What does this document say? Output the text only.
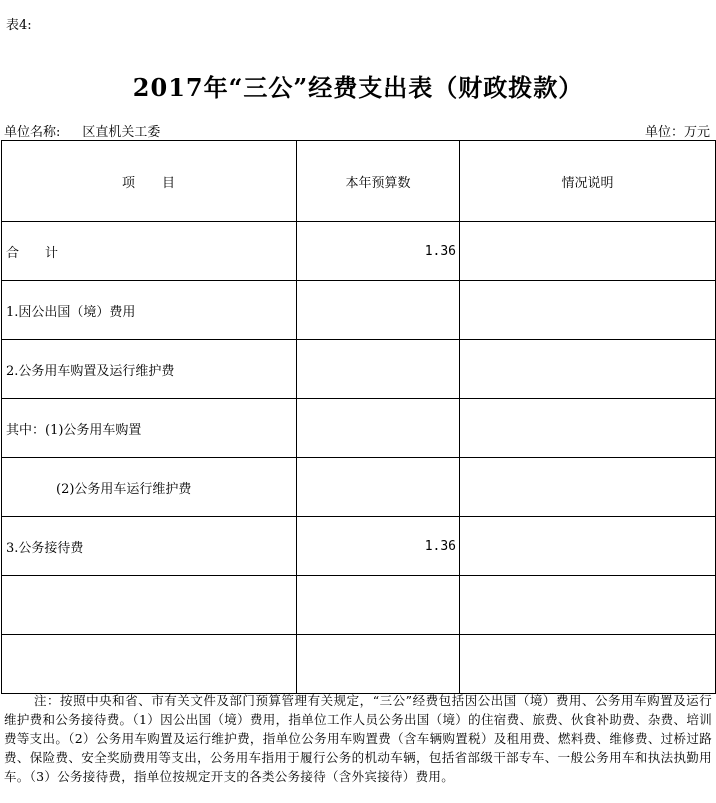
表4:
2017年“三公”经费支出表（财政拨款）
单位名称: 区直机关工委	单位：万元
项 目	本年预算数	情况说明
合　　计	1.36	
1.因公出国（境）费用		
2.公务用车购置及运行维护费		
其中：(1)公务用车购置		
(2)公务用车运行维护费		
3.公务接待费	1.36	

注：按照中央和省、市有关文件及部门预算管理有关规定，“三公”经费包括因公出国（境）费用、公务用车购置及运行维护费和公务接待费。（1）因公出国（境）费用，指单位工作人员公务出国（境）的住宿费、旅费、伙食补助费、杂费、培训费等支出。（2）公务用车购置及运行维护费，指单位公务用车购置费（含车辆购置税）及租用费、燃料费、维修费、过桥过路费、保险费、安全奖励费用等支出，公务用车指用于履行公务的机动车辆，包括省部级干部专车、一般公务用车和执法执勤用车。（3）公务接待费，指单位按规定开支的各类公务接待（含外宾接待）费用。
